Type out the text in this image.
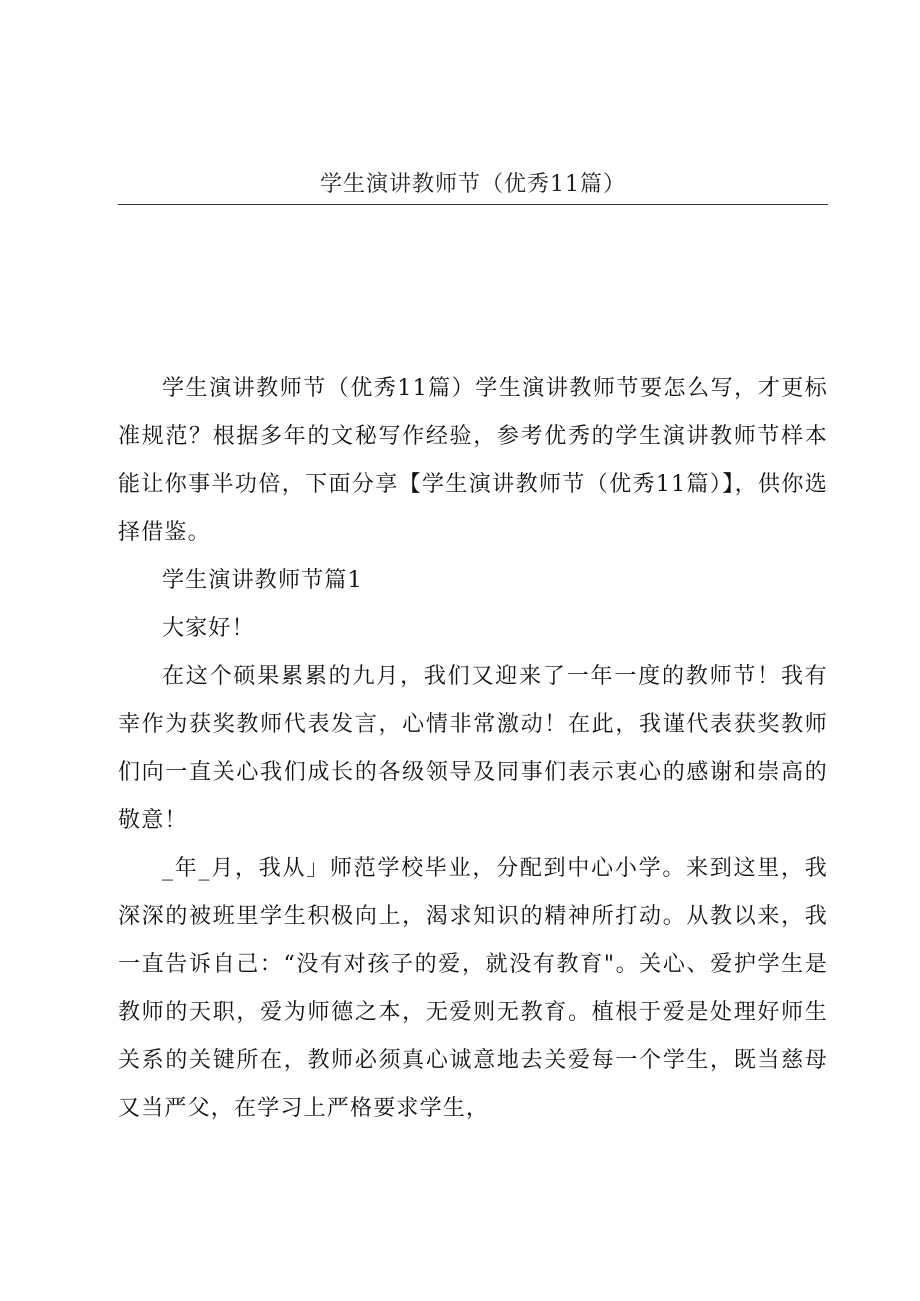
学生演讲教师节（优秀11篇）

学生演讲教师节（优秀11篇）学生演讲教师节要怎么写，才更标准规范？根据多年的文秘写作经验，参考优秀的学生演讲教师节样本能让你事半功倍，下面分享【学生演讲教师节（优秀11篇）】，供你选择借鉴。

学生演讲教师节篇1

大家好！

在这个硕果累累的九月，我们又迎来了一年一度的教师节！我有幸作为获奖教师代表发言，心情非常激动！在此，我谨代表获奖教师们向一直关心我们成长的各级领导及同事们表示衷心的感谢和崇高的敬意！

_年_月，我从」师范学校毕业，分配到中心小学。来到这里，我深深的被班里学生积极向上，渴求知识的精神所打动。从教以来，我一直告诉自己：“没有对孩子的爱，就没有教育"。关心、爱护学生是教师的天职，爱为师德之本，无爱则无教育。植根于爱是处理好师生关系的关键所在，教师必须真心诚意地去关爱每一个学生，既当慈母又当严父，在学习上严格要求学生，
